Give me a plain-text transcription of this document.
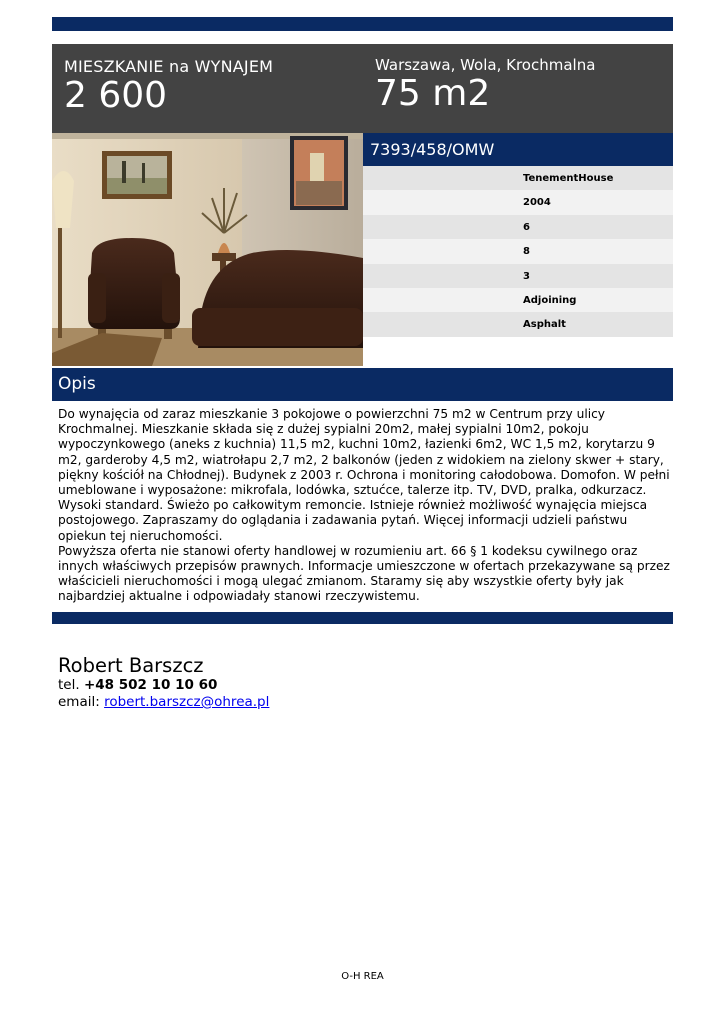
MIESZKANIE na WYNAJEM
2 600
Warszawa, Wola, Krochmalna
75 m2
7393/458/OMW
TenementHouse
2004
6
8
3
Adjoining
Asphalt
Opis

Do wynajęcia od zaraz mieszkanie 3 pokojowe o powierzchni 75 m2 w Centrum przy ulicy Krochmalnej. Mieszkanie składa się z dużej sypialni 20m2, małej sypialni 10m2, pokoju wypoczynkowego (aneks z kuchnia) 11,5 m2, kuchni 10m2, łazienki 6m2, WC 1,5 m2, korytarzu 9 m2, garderoby 4,5 m2, wiatrołapu 2,7 m2, 2 balkonów (jeden z widokiem na zielony skwer + stary, piękny kościół na Chłodnej). Budynek z 2003 r. Ochrona i monitoring całodobowa. Domofon. W pełni umeblowane i wyposażone: mikrofala, lodówka, sztućce, talerze itp. TV, DVD, pralka, odkurzacz. Wysoki standard. Świeżo po całkowitym remoncie. Istnieje również możliwość wynajęcia miejsca postojowego. Zapraszamy do oglądania i zadawania pytań. Więcej informacji udzieli państwu opiekun tej nieruchomości.

Powyższa oferta nie stanowi oferty handlowej w rozumieniu art. 66 § 1 kodeksu cywilnego oraz innych właściwych przepisów prawnych. Informacje umieszczone w ofertach przekazywane są przez właścicieli nieruchomości i mogą ulegać zmianom. Staramy się aby wszystkie oferty były jak najbardziej aktualne i odpowiadały stanowi rzeczywistemu.

Robert Barszcz
tel. +48 502 10 10 60
email: robert.barszcz@ohrea.pl
O-H REA
